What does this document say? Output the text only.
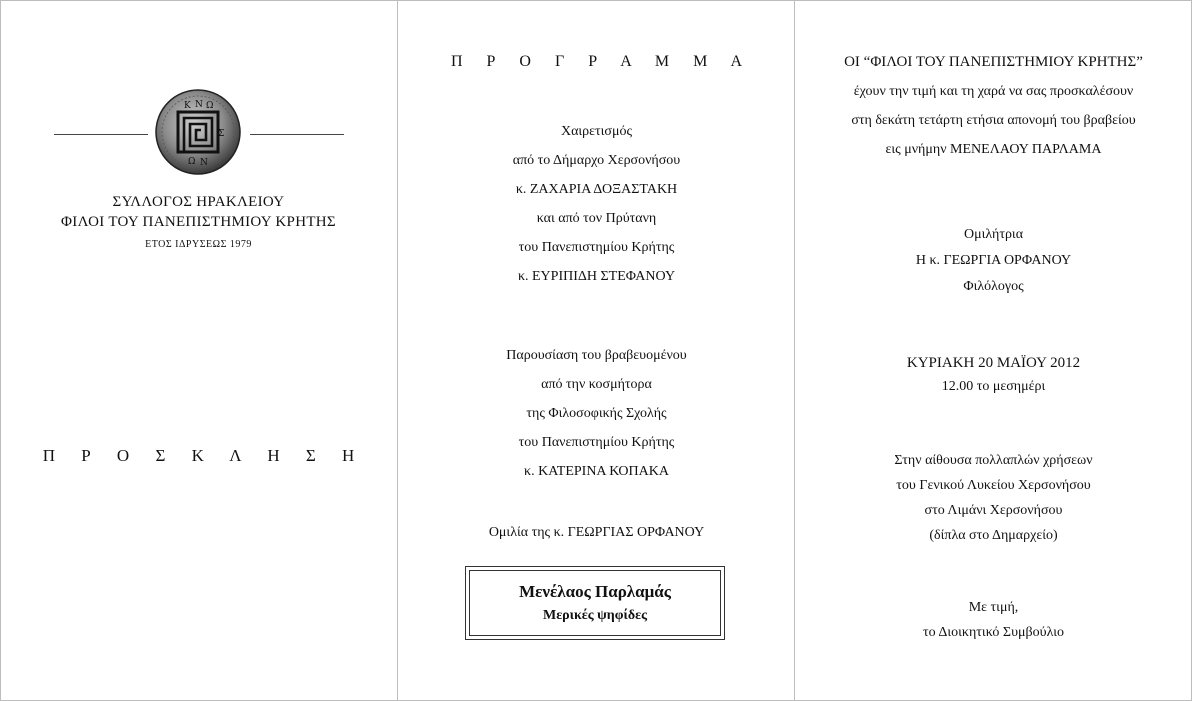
Κ Ν Ω
Σ
Ω Ν
ΣΥΛΛΟΓΟΣ ΗΡΑΚΛΕΙΟΥ
ΦΙΛΟΙ ΤΟΥ ΠΑΝΕΠΙΣΤΗΜΙΟΥ ΚΡΗΤΗΣ
ΕΤΟΣ ΙΔΡΥΣΕΩΣ 1979
Π Ρ Ο Σ Κ Λ Η Σ Η
Π Ρ Ο Γ Ρ Α Μ Μ Α
Χαιρετισμός
από το Δήμαρχο Χερσονήσου
κ. ΖΑΧΑΡΙΑ ΔΟΞΑΣΤΑΚΗ
και από τον Πρύτανη
του Πανεπιστημίου Κρήτης
κ. ΕΥΡΙΠΙΔΗ ΣΤΕΦΑΝΟΥ
Παρουσίαση του βραβευομένου
από την κοσμήτορα
της Φιλοσοφικής Σχολής
του Πανεπιστημίου Κρήτης
κ. ΚΑΤΕΡΙΝΑ ΚΟΠΑΚΑ
Ομιλία της κ. ΓΕΩΡΓΙΑΣ ΟΡΦΑΝΟΥ
Μενέλαος Παρλαμάς
Μερικές ψηφίδες
ΟΙ “ΦΙΛΟΙ ΤΟΥ ΠΑΝΕΠΙΣΤΗΜΙΟΥ ΚΡΗΤΗΣ”
έχουν την τιμή και τη χαρά να σας προσκαλέσουν
στη δεκάτη τετάρτη ετήσια απονομή του βραβείου
εις μνήμην ΜΕΝΕΛΑΟΥ ΠΑΡΛΑΜΑ
Ομιλήτρια
Η κ. ΓΕΩΡΓΙΑ ΟΡΦΑΝΟΥ
Φιλόλογος
ΚΥΡΙΑΚΗ 20 ΜΑΪΟΥ 2012
12.00 το μεσημέρι
Στην αίθουσα πολλαπλών χρήσεων
του Γενικού Λυκείου Χερσονήσου
στο Λιμάνι Χερσονήσου
(δίπλα στο Δημαρχείο)
Με τιμή,
το Διοικητικό Συμβούλιο
